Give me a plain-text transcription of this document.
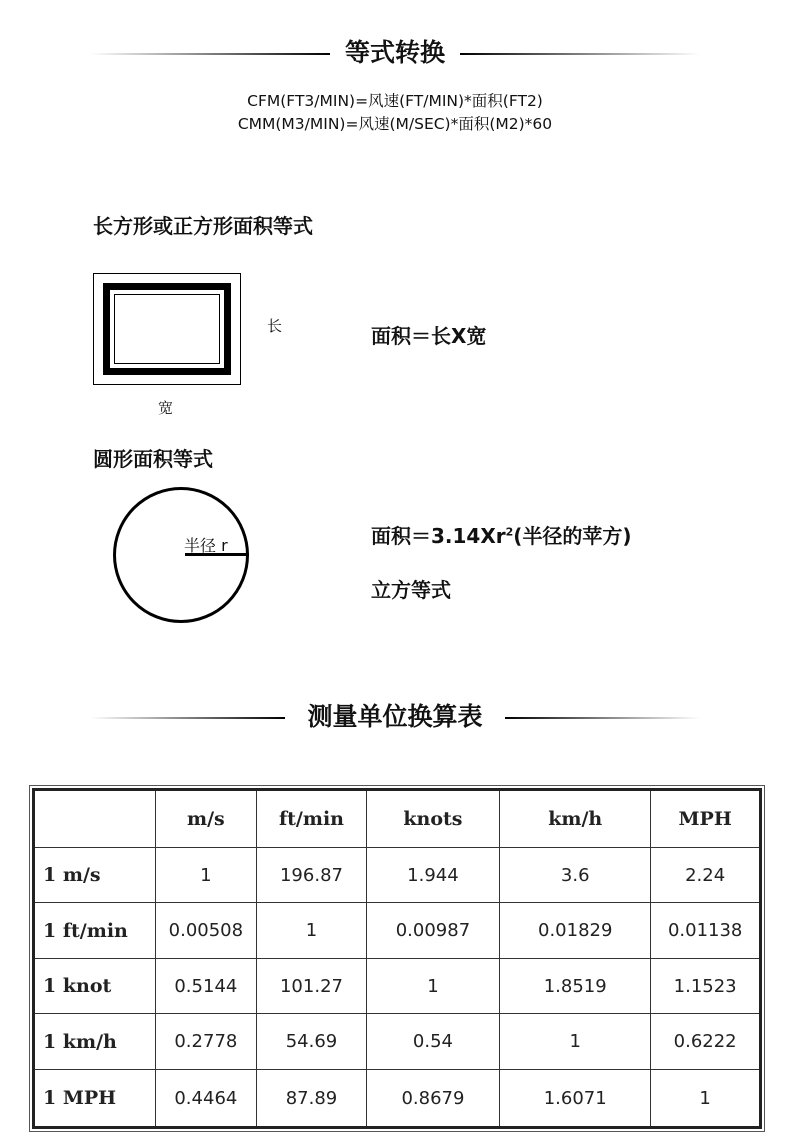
等式转换
CFM(FT3/MIN)=风速(FT/MIN)*面积(FT2)
CMM(M3/MIN)=风速(M/SEC)*面积(M2)*60
长方形或正方形面积等式
长
宽
面积＝长X宽
圆形面积等式
半径 r	面积$=3.14Xr^2$(半径的苹方)
立方等式
测量单位换算表
	m/s	ft/min	knots	km/h	MPH
1 m/s	1	196.87	1.944	3.6	2.24
1 ft/min	0.00508	1	0.00987	0.01829	0.01138
1 knot	0.5144	101.27	1	1.8519	1.1523
1 km/h	0.2778	54.69	0.54	1	0.6222
1 MPH	0.4464	87.89	0.8679	1.6071	1
